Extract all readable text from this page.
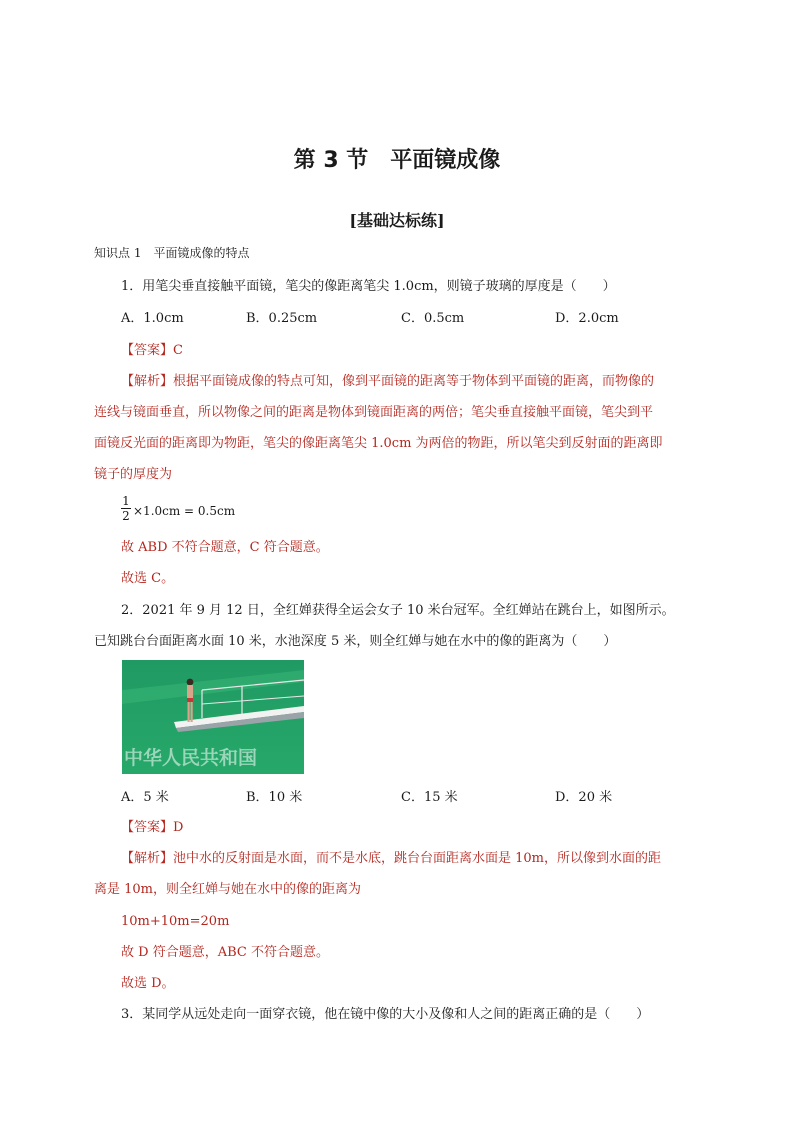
第 3 节　平面镜成像
[基础达标练]
知识点 1　平面镜成像的特点
1．用笔尖垂直接触平面镜，笔尖的像距离笔尖 1.0cm，则镜子玻璃的厚度是（　　）
A．1.0cm	B．0.25cm	C．0.5cm	D．2.0cm
【答案】C
【解析】根据平面镜成像的特点可知，像到平面镜的距离等于物体到平面镜的距离，而物像的
连线与镜面垂直，所以物像之间的距离是物体到镜面距离的两倍；笔尖垂直接触平面镜，笔尖到平
面镜反光面的距离即为物距，笔尖的像距离笔尖 1.0cm 为两倍的物距，所以笔尖到反射面的距离即
镜子的厚度为
$\frac{1}{2} \times 1.0cm = 0.5cm$
故 ABD 不符合题意，C 符合题意。
故选 C。
2．2021 年 9 月 12 日，全红婵获得全运会女子 10 米台冠军。全红婵站在跳台上，如图所示。
已知跳台台面距离水面 10 米，水池深度 5 米，则全红婵与她在水中的像的距离为（　　）
中华人民共和国
A．5 米	B．10 米	C．15 米	D．20 米
【答案】D
【解析】池中水的反射面是水面，而不是水底，跳台台面距离水面是 10m，所以像到水面的距
离是 10m，则全红婵与她在水中的像的距离为
10m+10m=20m
故 D 符合题意，ABC 不符合题意。
故选 D。
3．某同学从远处走向一面穿衣镜，他在镜中像的大小及像和人之间的距离正确的是（　　）
